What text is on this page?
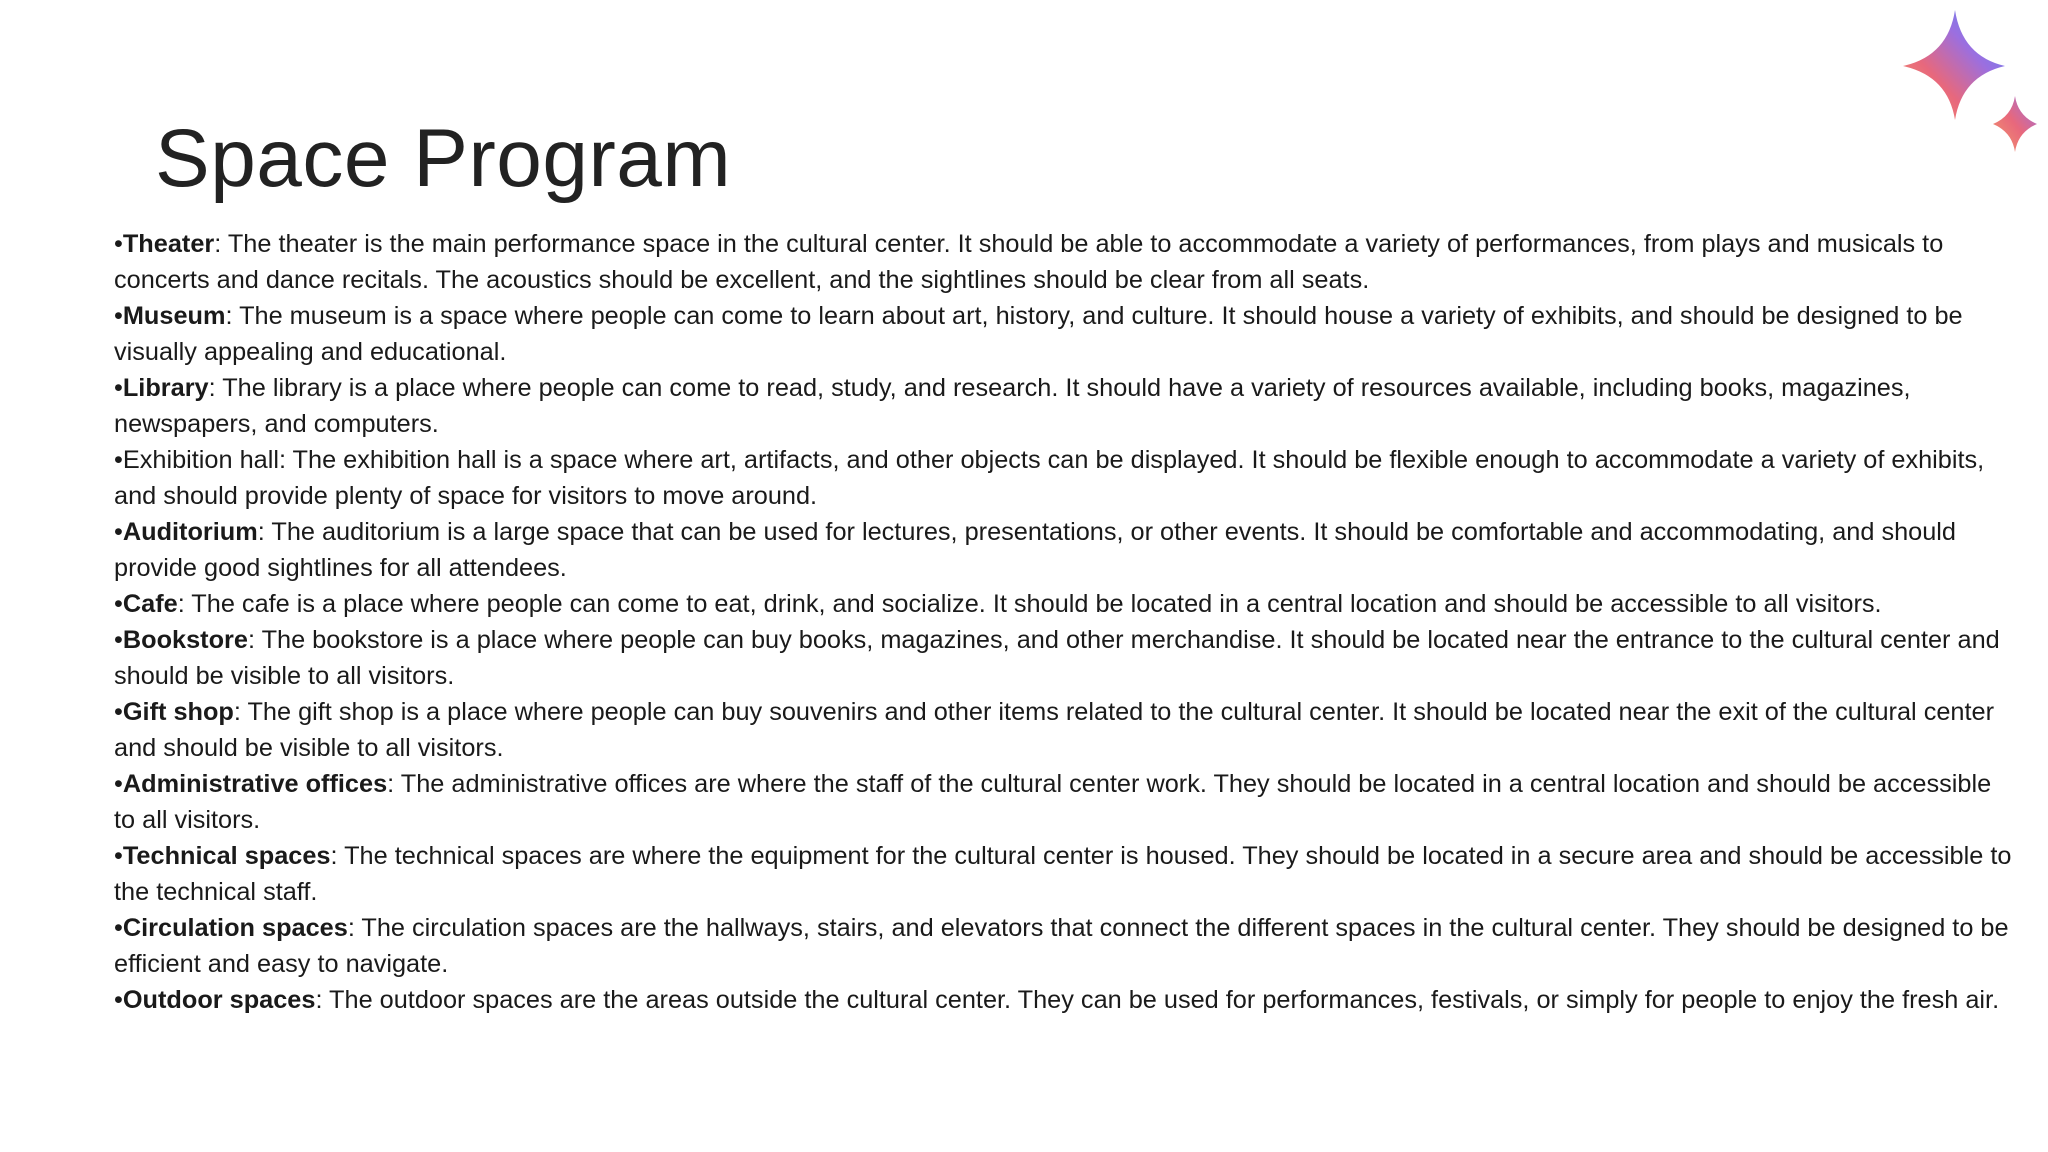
Space Program
•Theater: The theater is the main performance space in the cultural center. It should be able to accommodate a variety of performances, from plays and musicals to concerts and dance recitals. The acoustics should be excellent, and the sightlines should be clear from all seats.
•Museum: The museum is a space where people can come to learn about art, history, and culture. It should house a variety of exhibits, and should be designed to be visually appealing and educational.
•Library: The library is a place where people can come to read, study, and research. It should have a variety of resources available, including books, magazines, newspapers, and computers.
•Exhibition hall: The exhibition hall is a space where art, artifacts, and other objects can be displayed. It should be flexible enough to accommodate a variety of exhibits, and should provide plenty of space for visitors to move around.
•Auditorium: The auditorium is a large space that can be used for lectures, presentations, or other events. It should be comfortable and accommodating, and should provide good sightlines for all attendees.
•Cafe: The cafe is a place where people can come to eat, drink, and socialize. It should be located in a central location and should be accessible to all visitors.
•Bookstore: The bookstore is a place where people can buy books, magazines, and other merchandise. It should be located near the entrance to the cultural center and should be visible to all visitors.
•Gift shop: The gift shop is a place where people can buy souvenirs and other items related to the cultural center. It should be located near the exit of the cultural center and should be visible to all visitors.
•Administrative offices: The administrative offices are where the staff of the cultural center work. They should be located in a central location and should be accessible to all visitors.
•Technical spaces: The technical spaces are where the equipment for the cultural center is housed. They should be located in a secure area and should be accessible to the technical staff.
•Circulation spaces: The circulation spaces are the hallways, stairs, and elevators that connect the different spaces in the cultural center. They should be designed to be efficient and easy to navigate.
•Outdoor spaces: The outdoor spaces are the areas outside the cultural center. They can be used for performances, festivals, or simply for people to enjoy the fresh air.
